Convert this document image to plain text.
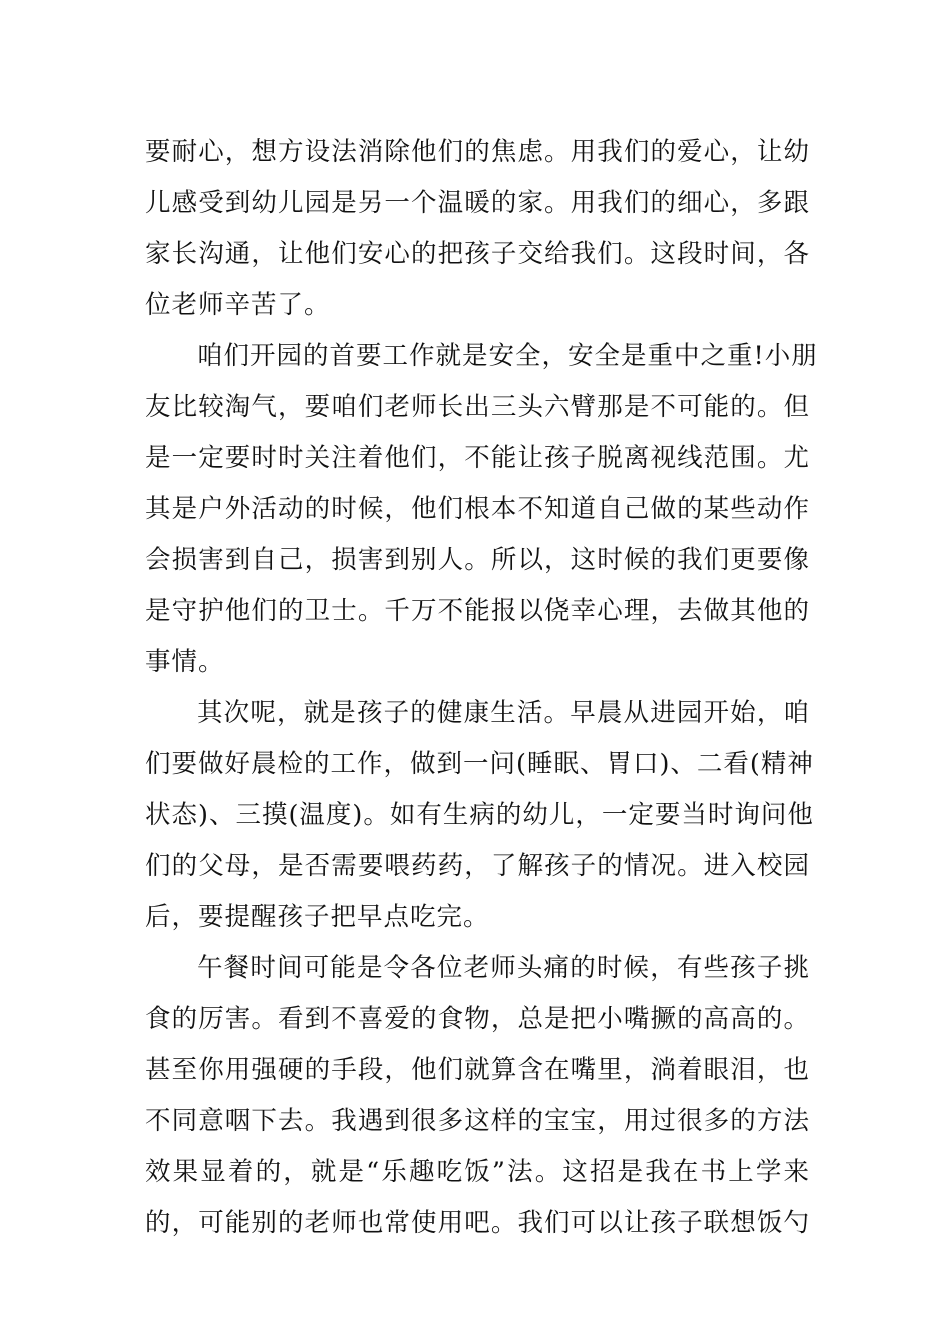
要耐心，想方设法消除他们的焦虑。用我们的爱心，让幼
儿感受到幼儿园是另一个温暖的家。用我们的细心，多跟
家长沟通，让他们安心的把孩子交给我们。这段时间，各
位老师辛苦了。
咱们开园的首要工作就是安全，安全是重中之重!小朋
友比较淘气，要咱们老师长出三头六臂那是不可能的。但
是一定要时时关注着他们，不能让孩子脱离视线范围。尤
其是户外活动的时候，他们根本不知道自己做的某些动作
会损害到自己，损害到别人。所以，这时候的我们更要像
是守护他们的卫士。千万不能报以侥幸心理，去做其他的
事情。
其次呢，就是孩子的健康生活。早晨从进园开始，咱
们要做好晨检的工作，做到一问(睡眠、胃口)、二看(精神
状态)、三摸(温度)。如有生病的幼儿，一定要当时询问他
们的父母，是否需要喂药药，了解孩子的情况。进入校园
后，要提醒孩子把早点吃完。
午餐时间可能是令各位老师头痛的时候，有些孩子挑
食的厉害。看到不喜爱的食物，总是把小嘴撅的高高的。
甚至你用强硬的手段，他们就算含在嘴里，淌着眼泪，也
不同意咽下去。我遇到很多这样的宝宝，用过很多的方法
效果显着的，就是“乐趣吃饭”法。这招是我在书上学来
的，可能别的老师也常使用吧。我们可以让孩子联想饭勺
